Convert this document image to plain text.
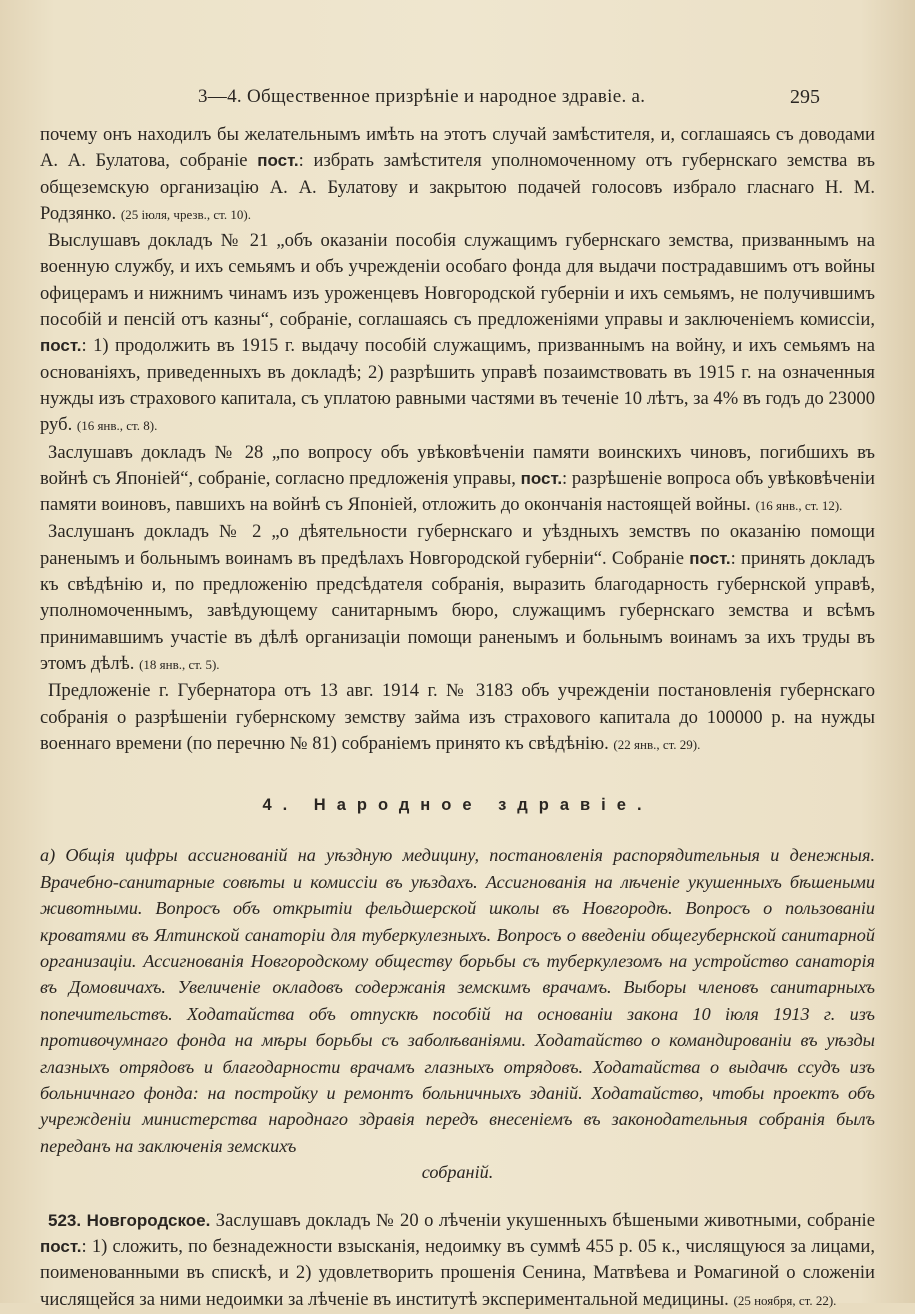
3—4. Общественное призрѣніе и народное здравіе. а.	295

почему онъ находилъ бы желательнымъ имѣть на этотъ случай замѣстителя, и, соглашаясь съ доводами А. А. Булатова, собраніе пост.: избрать замѣстителя уполномоченному отъ губернскаго земства въ общеземскую организацію А. А. Булатову и закрытою подачей голосовъ избрало гласнаго Н. М. Родзянко. (25 іюля, чрезв., ст. 10).

Выслушавъ докладъ № 21 „объ оказаніи пособія служащимъ губернскаго земства, призваннымъ на военную службу, и ихъ семьямъ и объ учрежденіи особаго фонда для выдачи пострадавшимъ отъ войны офицерамъ и нижнимъ чинамъ изъ уроженцевъ Новгородской губерніи и ихъ семьямъ, не получившимъ пособій и пенсій отъ казны“, собраніе, соглашаясь съ предложеніями управы и заключеніемъ комиссіи, пост.: 1) продолжить въ 1915 г. выдачу пособій служащимъ, призваннымъ на войну, и ихъ семьямъ на основаніяхъ, приведенныхъ въ докладѣ; 2) разрѣшить управѣ позаимствовать въ 1915 г. на означенныя нужды изъ страхового капитала, съ уплатою равными частями въ теченіе 10 лѣтъ, за 4% въ годъ до 23000 руб. (16 янв., ст. 8).

Заслушавъ докладъ № 28 „по вопросу объ увѣковѣченіи памяти воинскихъ чиновъ, погибшихъ въ войнѣ съ Японіей“, собраніе, согласно предложенія управы, пост.: разрѣшеніе вопроса объ увѣковѣченіи памяти воиновъ, павшихъ на войнѣ съ Японіей, отложить до окончанія настоящей войны. (16 янв., ст. 12).

Заслушанъ докладъ № 2 „о дѣятельности губернскаго и уѣздныхъ земствъ по оказанію помощи раненымъ и больнымъ воинамъ въ предѣлахъ Новгородской губерніи“. Собраніе пост.: принять докладъ къ свѣдѣнію и, по предложенію предсѣдателя собранія, выразить благодарность губернской управѣ, уполномоченнымъ, завѣдующему санитарнымъ бюро, служащимъ губернскаго земства и всѣмъ принимавшимъ участіе въ дѣлѣ организаціи помощи раненымъ и больнымъ воинамъ за ихъ труды въ этомъ дѣлѣ. (18 янв., ст. 5).

Предложеніе г. Губернатора отъ 13 авг. 1914 г. № 3183 объ учрежденіи постановленія губернскаго собранія о разрѣшеніи губернскому земству займа изъ страхового капитала до 100000 р. на нужды военнаго времени (по перечню № 81) собраніемъ принято къ свѣдѣнію. (22 янв., ст. 29).

4. Народное здравіе.
а) Общія цифры ассигнованій на уѣздную медицину, постановленія распорядительныя и денежныя. Врачебно-санитарные совѣты и комиссіи въ уѣздахъ. Ассигнованія на лѣченіе укушенныхъ бѣшеными животными. Вопросъ объ открытіи фельдшерской школы въ Новгородѣ. Вопросъ о пользованіи кроватями въ Ялтинской санаторіи для туберкулезныхъ. Вопросъ о введеніи общегубернской санитарной организаціи. Ассигнованія Новгородскому обществу борьбы съ туберкулезомъ на устройство санаторія въ Домовичахъ. Увеличеніе окладовъ содержанія земскимъ врачамъ. Выборы членовъ санитарныхъ попечительствъ. Ходатайства объ отпускѣ пособій на основаніи закона 10 іюля 1913 г. изъ противочумнаго фонда на мѣры борьбы съ заболѣваніями. Ходатайство о командированіи въ уѣзды глазныхъ отрядовъ и благодарности врачамъ глазныхъ отрядовъ. Ходатайства о выдачѣ ссудъ изъ больничнаго фонда: на постройку и ремонтъ больничныхъ зданій. Ходатайство, чтобы проектъ объ учрежденіи министерства народнаго здравія передъ внесеніемъ въ законодательныя собранія былъ переданъ на заключенія земскихъ
собраній.

523. Новгородское. Заслушавъ докладъ № 20 о лѣченіи укушенныхъ бѣшеными животными, собраніе пост.: 1) сложить, по безнадежности взысканія, недоимку въ суммѣ 455 р. 05 к., числящуюся за лицами, поименованными въ спискѣ, и 2) удовлетворить прошенія Сенина, Матвѣева и Ромагиной о сложеніи числящейся за ними недоимки за лѣченіе въ институтѣ экспериментальной медицины. (25 ноября, ст. 22).
